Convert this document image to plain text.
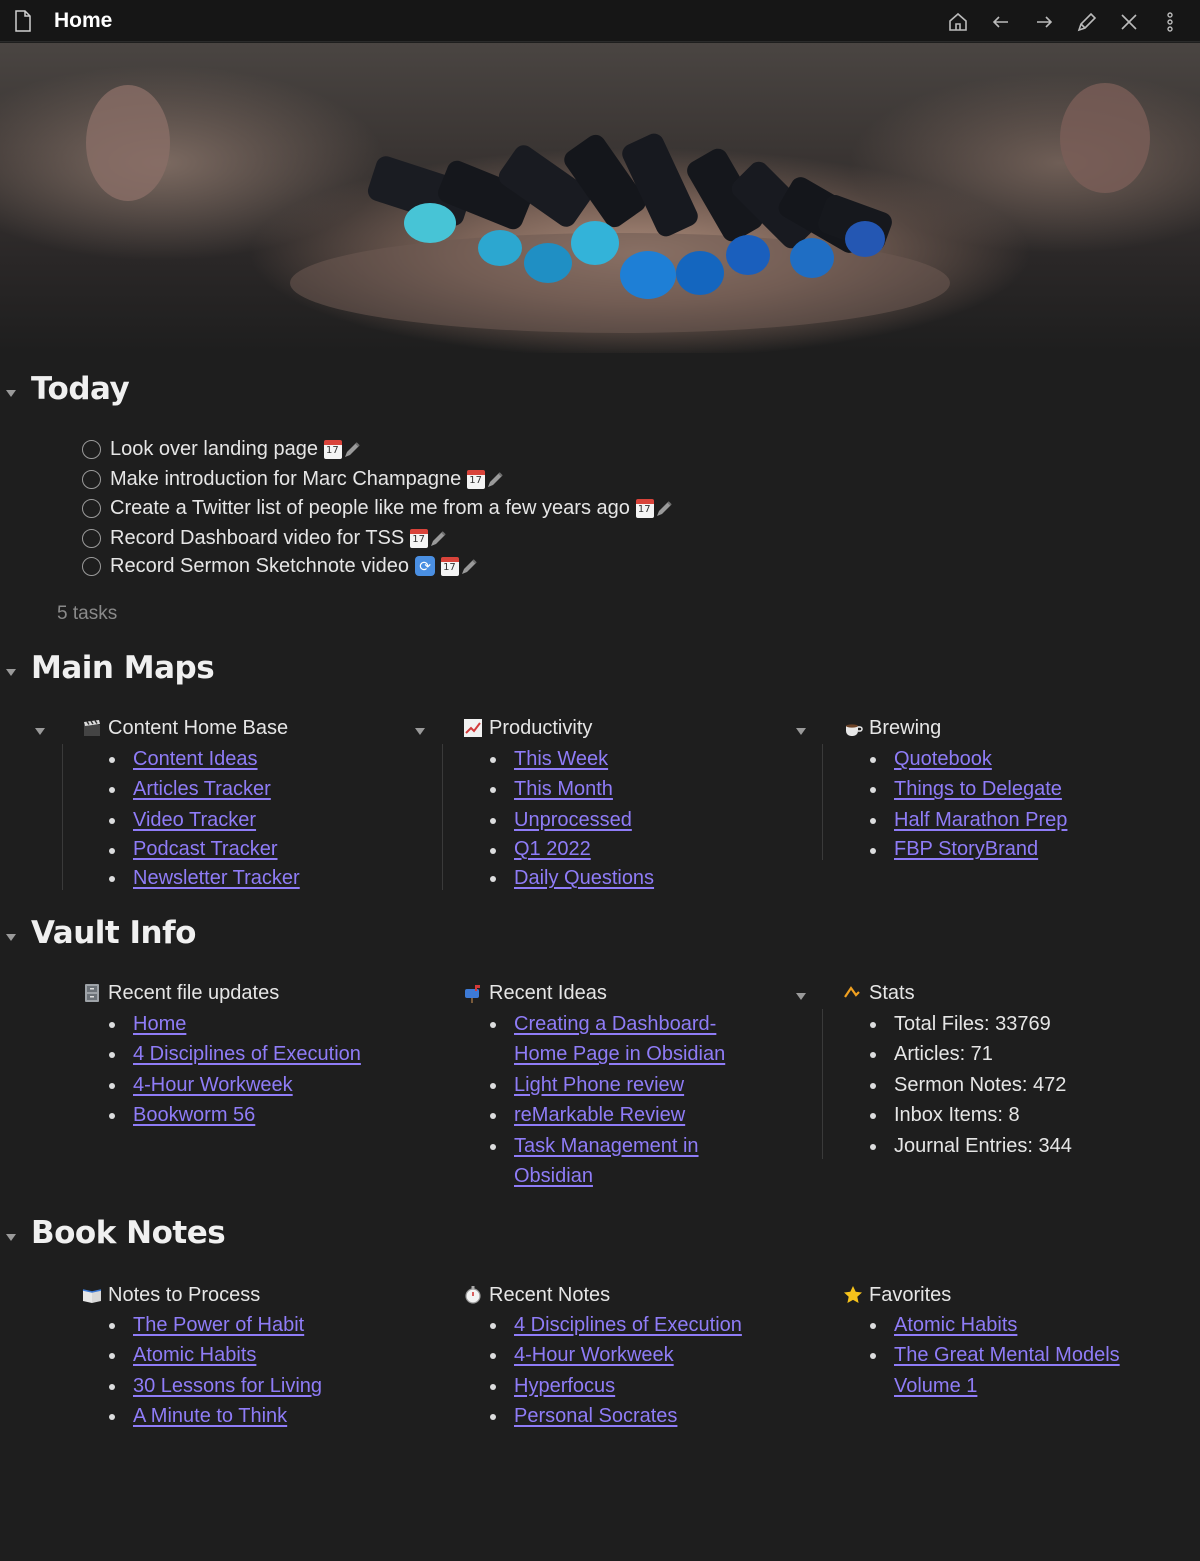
Home
Today
Look over landing page
17
Make introduction for Marc Champagne
17
Create a Twitter list of people like me from a few years ago
17
Record Dashboard video for TSS
17
Record Sermon Sketchnote video ⟳
17
5 tasks
Main Maps
Content Home Base
Content Ideas
Articles Tracker
Video Tracker
Podcast Tracker
Newsletter Tracker
Productivity
This Week
This Month
Unprocessed
Q1 2022
Daily Questions
Brewing
Quotebook
Things to Delegate
Half Marathon Prep
FBP StoryBrand
Vault Info
Recent file updates
Home
4 Disciplines of Execution
4-Hour Workweek
Bookworm 56
Recent Ideas
Creating a Dashboard-
Home Page in Obsidian
Light Phone review
reMarkable Review
Task Management in
Obsidian
Stats
Total Files: 33769
Articles: 71
Sermon Notes: 472
Inbox Items: 8
Journal Entries: 344
Book Notes
Notes to Process
The Power of Habit
Atomic Habits
30 Lessons for Living
A Minute to Think
Recent Notes
4 Disciplines of Execution
4-Hour Workweek
Hyperfocus
Personal Socrates
Favorites
Atomic Habits
The Great Mental Models
Volume 1
